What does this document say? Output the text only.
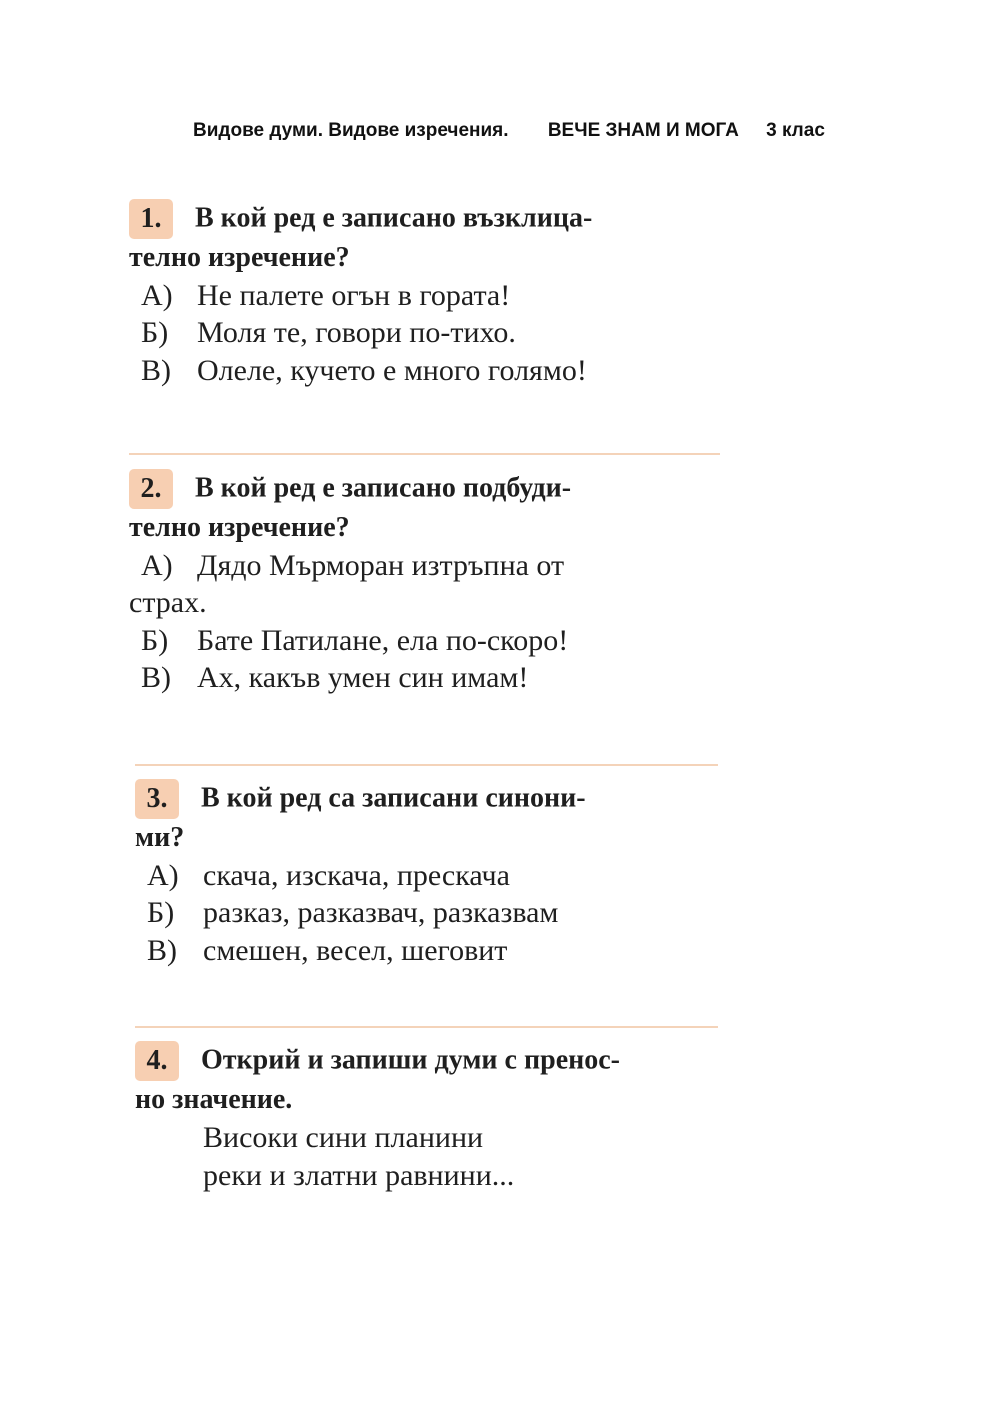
Видове думи. Видове изречения. ВЕЧЕ ЗНАМ И МОГА 3 клас
1. В кой ред е записано възклица-
телно изречение?
А) Не палете огън в гората!
Б) Моля те, говори по-тихо.
В) Олеле, кучето е много голямо!
2. В кой ред е записано подбуди-
телно изречение?
А) Дядо Мърморан изтръпна от
страх.
Б) Бате Патилане, ела по-скоро!
В) Ах, какъв умен син имам!
3. В кой ред са записани синони-
ми?
А) скача, изскача, прескача
Б) разказ, разказвач, разказвам
В) смешен, весел, шеговит
4. Открий и запиши думи с пренос-
но значение.
Високи сини планини
реки и златни равнини...
